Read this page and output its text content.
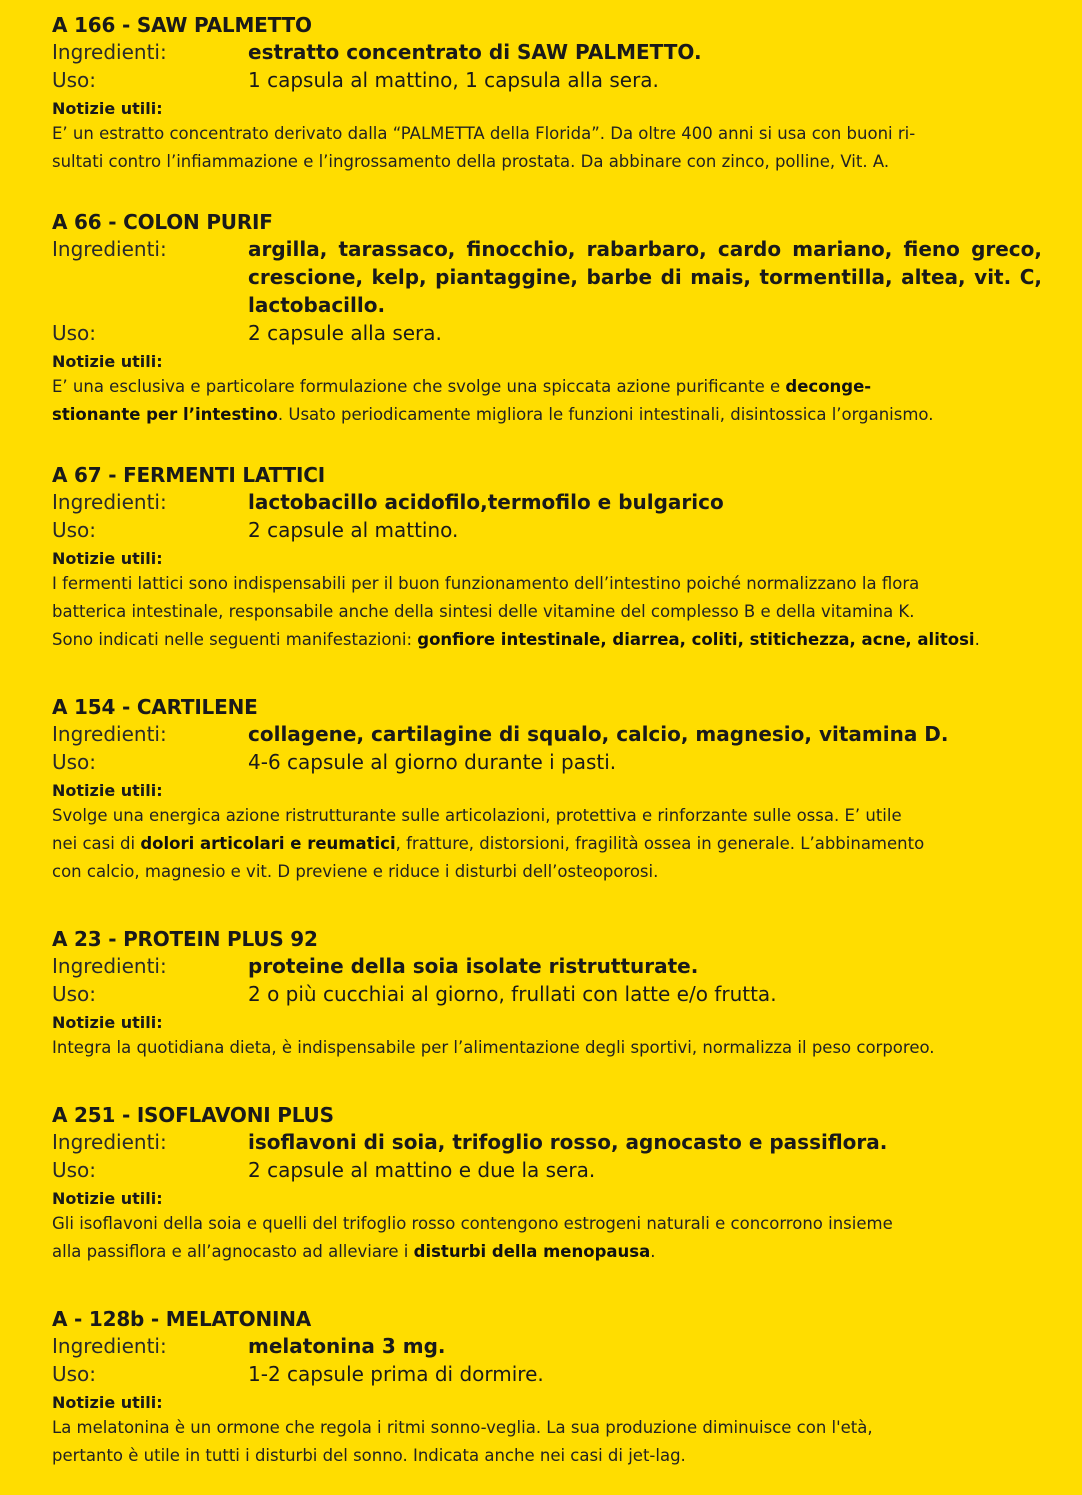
A 166 - SAW PALMETTO
Ingredienti:	estratto concentrato di SAW PALMETTO.
Uso:	1 capsula al mattino, 1 capsula alla sera.
Notizie utili:

E’ un estratto concentrato derivato dalla “PALMETTA della Florida”. Da oltre 400 anni si usa con buoni ri-
sultati contro l’infiammazione e l’ingrossamento della prostata. Da abbinare con zinco, polline, Vit. A.

A 66 - COLON PURIF
Ingredienti:	argilla, tarassaco, finocchio, rabarbaro, cardo mariano, fieno greco, crescione, kelp, piantaggine, barbe di mais, tormentilla, altea, vit. C, lactobacillo.
Uso:	2 capsule alla sera.
Notizie utili:

E’ una esclusiva e particolare formulazione che svolge una spiccata azione purificante e deconge-
stionante per l’intestino. Usato periodicamente migliora le funzioni intestinali, disintossica l’organismo.

A 67 - FERMENTI LATTICI
Ingredienti:	lactobacillo acidofilo,termofilo e bulgarico
Uso:	2 capsule al mattino.
Notizie utili:

I fermenti lattici sono indispensabili per il buon funzionamento dell’intestino poiché normalizzano la flora
batterica intestinale, responsabile anche della sintesi delle vitamine del complesso B e della vitamina K.
Sono indicati nelle seguenti manifestazioni: gonfiore intestinale, diarrea, coliti, stitichezza, acne, alitosi.

A 154 - CARTILENE
Ingredienti:	collagene, cartilagine di squalo, calcio, magnesio, vitamina D.
Uso:	4-6 capsule al giorno durante i pasti.
Notizie utili:

Svolge una energica azione ristrutturante sulle articolazioni, protettiva e rinforzante sulle ossa. E’ utile
nei casi di dolori articolari e reumatici, fratture, distorsioni, fragilità ossea in generale. L’abbinamento
con calcio, magnesio e vit. D previene e riduce i disturbi dell’osteoporosi.

A 23 - PROTEIN PLUS 92
Ingredienti:	proteine della soia isolate ristrutturate.
Uso:	2 o più cucchiai al giorno, frullati con latte e/o frutta.
Notizie utili:

Integra la quotidiana dieta, è indispensabile per l’alimentazione degli sportivi, normalizza il peso corporeo.

A 251 - ISOFLAVONI PLUS
Ingredienti:	isoflavoni di soia, trifoglio rosso, agnocasto e passiflora.
Uso:	2 capsule al mattino e due la sera.
Notizie utili:

Gli isoflavoni della soia e quelli del trifoglio rosso contengono estrogeni naturali e concorrono insieme
alla passiflora e all’agnocasto ad alleviare i disturbi della menopausa.

A - 128b - MELATONINA
Ingredienti:	melatonina 3 mg.
Uso:	1-2 capsule prima di dormire.
Notizie utili:

La melatonina è un ormone che regola i ritmi sonno-veglia. La sua produzione diminuisce con l'età,
pertanto è utile in tutti i disturbi del sonno. Indicata anche nei casi di jet-lag.
